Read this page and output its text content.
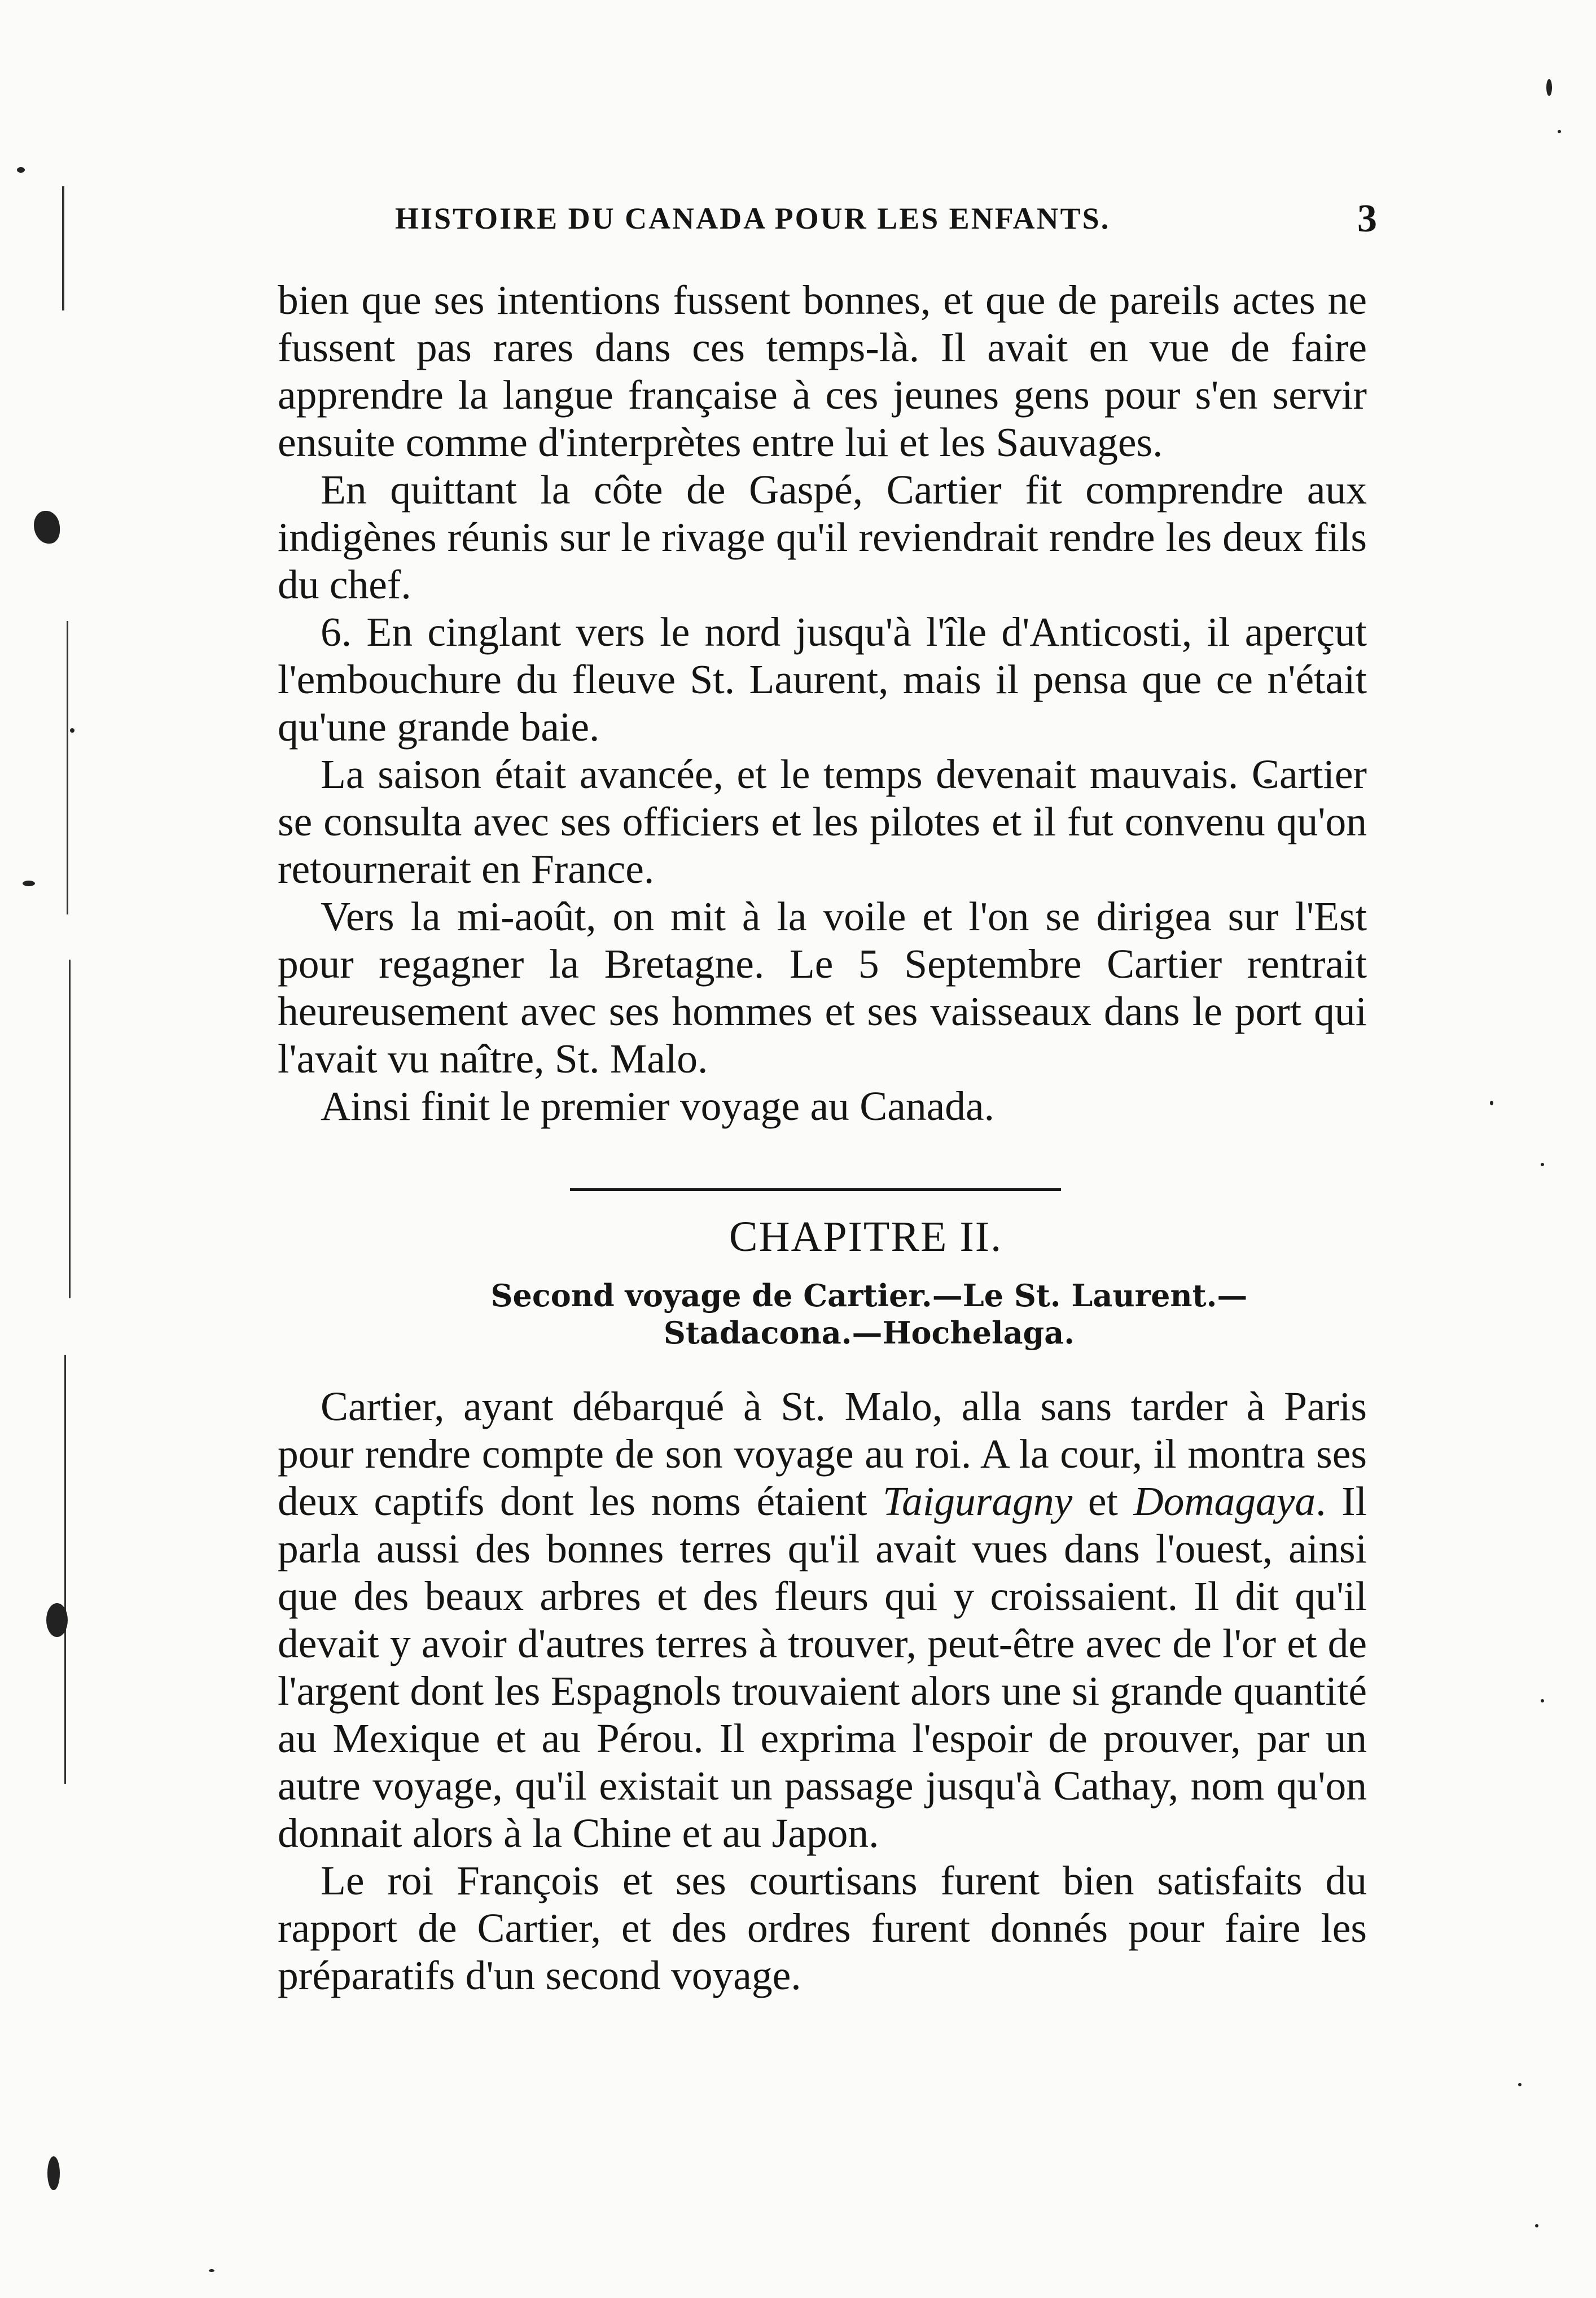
HISTOIRE DU CANADA POUR LES ENFANTS.	3

bien que ses intentions fussent bonnes, et que de pareils actes ne fussent pas rares dans ces temps-là. Il avait en vue de faire apprendre la langue française à ces jeunes gens pour s'en servir ensuite comme d'interprètes entre lui et les Sauvages.

En quittant la côte de Gaspé, Cartier fit comprendre aux indigènes réunis sur le rivage qu'il reviendrait rendre les deux fils du chef.

6. En cinglant vers le nord jusqu'à l'île d'Anticosti, il aperçut l'embouchure du fleuve St. Laurent, mais il pensa que ce n'était qu'une grande baie.

La saison était avancée, et le temps devenait mauvais. Cartier se consulta avec ses officiers et les pilotes et il fut convenu qu'on retournerait en France.

Vers la mi-août, on mit à la voile et l'on se dirigea sur l'Est pour regagner la Bretagne. Le 5 Septembre Cartier rentrait heureusement avec ses hommes et ses vaisseaux dans le port qui l'avait vu naître, St. Malo.

Ainsi finit le premier voyage au Canada.

CHAPITRE II.
Second voyage de Cartier.—Le St. Laurent.—
Stadacona.—Hochelaga.

Cartier, ayant débarqué à St. Malo, alla sans tarder à Paris pour rendre compte de son voyage au roi. A la cour, il montra ses deux captifs dont les noms étaient Taiguragny et Domagaya. Il parla aussi des bonnes terres qu'il avait vues dans l'ouest, ainsi que des beaux arbres et des fleurs qui y croissaient. Il dit qu'il devait y avoir d'autres terres à trouver, peut-être avec de l'or et de l'argent dont les Espagnols trouvaient alors une si grande quantité au Mexique et au Pérou. Il exprima l'espoir de prouver, par un autre voyage, qu'il existait un passage jusqu'à Cathay, nom qu'on donnait alors à la Chine et au Japon.

Le roi François et ses courtisans furent bien satisfaits du rapport de Cartier, et des ordres furent donnés pour faire les préparatifs d'un second voyage.
